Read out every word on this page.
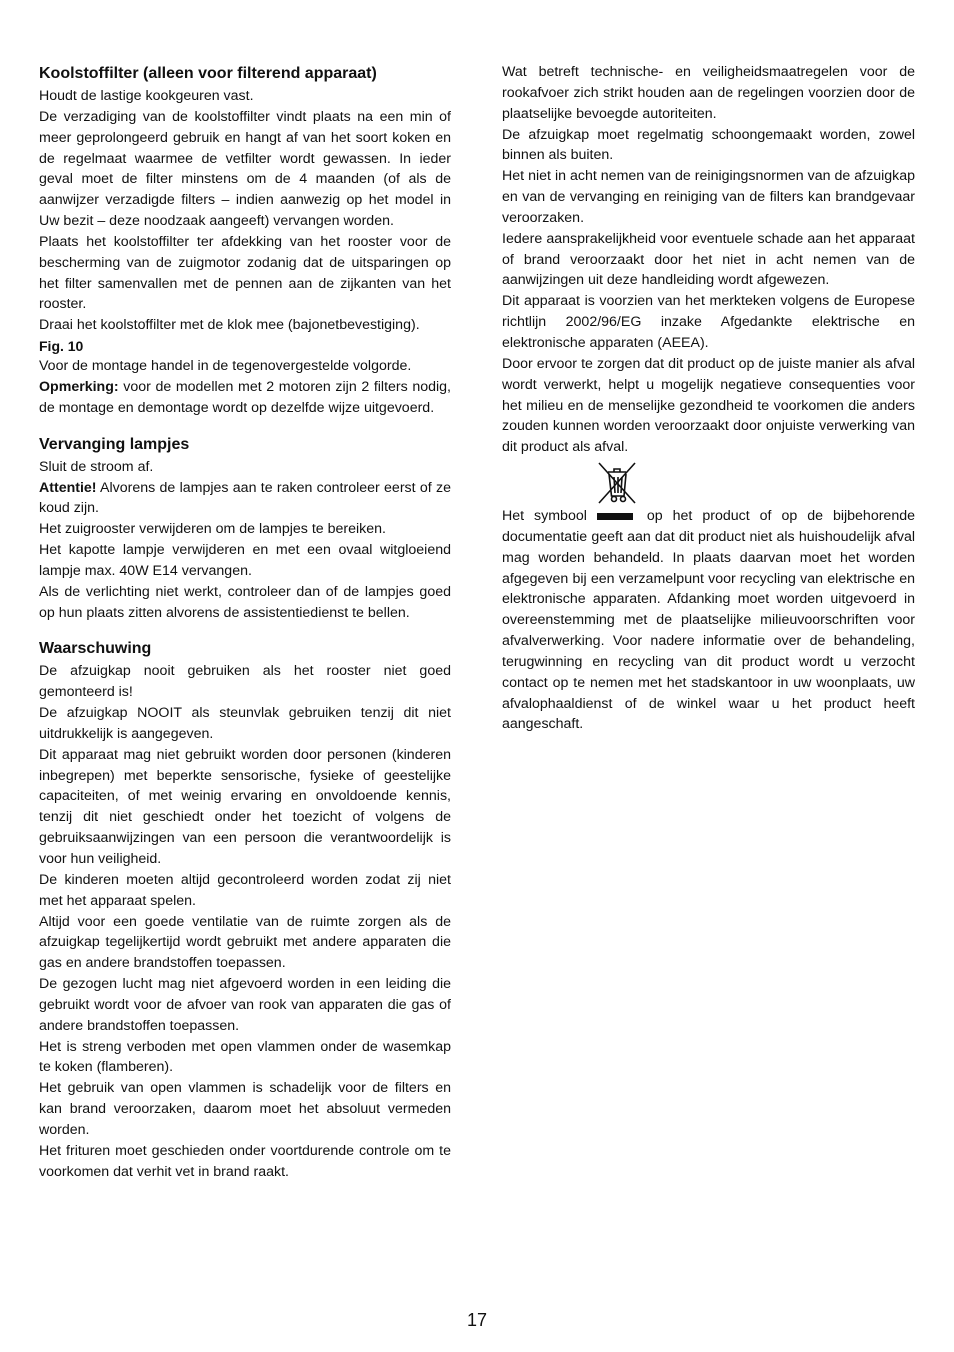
Koolstoffilter (alleen voor filterend apparaat)

Houdt de lastige kookgeuren vast.

De verzadiging van de koolstoffilter vindt plaats na een min of meer geprolongeerd gebruik en hangt af van het soort koken en de regelmaat waarmee de vetfilter wordt gewassen. In ieder geval moet de filter minstens om de 4 maanden (of als de aanwijzer verzadigde filters – indien aanwezig op het model in Uw bezit – deze noodzaak aangeeft) vervangen worden.

Plaats het koolstoffilter ter afdekking van het rooster voor de bescherming van de zuigmotor zodanig dat de uitsparingen op het filter samenvallen met de pennen aan de zijkanten van het rooster.

Draai het koolstoffilter met de klok mee (bajonetbevestiging).

Fig. 10

Voor de montage handel in de tegenovergestelde volgorde.

Opmerking: voor de modellen met 2 motoren zijn 2 filters nodig, de montage en demontage wordt op dezelfde wijze uitgevoerd.

Vervanging lampjes

Sluit de stroom af.

Attentie! Alvorens de lampjes aan te raken controleer eerst of ze koud zijn.

Het zuigrooster verwijderen om de lampjes te bereiken.

Het kapotte lampje verwijderen en met een ovaal witgloeiend lampje max. 40W E14 vervangen.

Als de verlichting niet werkt, controleer dan of de lampjes goed op hun plaats zitten alvorens de assistentiedienst te bellen.

Waarschuwing

De afzuigkap nooit gebruiken als het rooster niet goed gemonteerd is!

De afzuigkap NOOIT als steunvlak gebruiken tenzij dit niet uitdrukkelijk is aangegeven.

Dit apparaat mag niet gebruikt worden door personen (kinderen inbegrepen) met beperkte sensorische, fysieke of geestelijke capaciteiten, of met weinig ervaring en onvoldoende kennis, tenzij dit niet geschiedt onder het toezicht of volgens de gebruiksaanwijzingen van een persoon die verantwoordelijk is voor hun veiligheid.

De kinderen moeten altijd gecontroleerd worden zodat zij niet met het apparaat spelen.

Altijd voor een goede ventilatie van de ruimte zorgen als de afzuigkap tegelijkertijd wordt gebruikt met andere apparaten die gas en andere brandstoffen toepassen.

De gezogen lucht mag niet afgevoerd worden in een leiding die gebruikt wordt voor de afvoer van rook van apparaten die gas of andere brandstoffen toepassen.

Het is streng verboden met open vlammen onder de wasemkap te koken (flamberen).

Het gebruik van open vlammen is schadelijk voor de filters en kan brand veroorzaken, daarom moet het absoluut vermeden worden.

Het frituren moet geschieden onder voortdurende controle om te voorkomen dat verhit vet in brand raakt.

Wat betreft technische- en veiligheidsmaatregelen voor de rookafvoer zich strikt houden aan de regelingen voorzien door de plaatselijke bevoegde autoriteiten.

De afzuigkap moet regelmatig schoongemaakt worden, zowel binnen als buiten.

Het niet in acht nemen van de reinigingsnormen van de afzuigkap en van de vervanging en reiniging van de filters kan brandgevaar veroorzaken.

Iedere aansprakelijkheid voor eventuele schade aan het apparaat of brand veroorzaakt door het niet in acht nemen van de aanwijzingen uit deze handleiding wordt afgewezen.

Dit apparaat is voorzien van het merkteken volgens de Europese richtlijn 2002/96/EG inzake Afgedankte elektrische en elektronische apparaten (AEEA).

Door ervoor te zorgen dat dit product op de juiste manier als afval wordt verwerkt, helpt u mogelijk negatieve consequenties voor het milieu en de menselijke gezondheid te voorkomen die anders zouden kunnen worden veroorzaakt door onjuiste verwerking van dit product als afval.

Het symbool	op het product of op de bijbehorende documentatie geeft aan dat dit product niet als huishoudelijk afval mag worden behandeld. In plaats daarvan moet het worden afgegeven bij een verzamelpunt voor recycling van elektrische en elektronische apparaten. Afdanking moet worden uitgevoerd in overeenstemming met de plaatselijke milieuvoorschriften voor afvalverwerking. Voor nadere informatie over de behandeling, terugwinning en recycling van dit product wordt u verzocht contact op te nemen met het stadskantoor in uw woonplaats, uw afvalophaaldienst of de winkel waar u het product heeft aangeschaft.

17
